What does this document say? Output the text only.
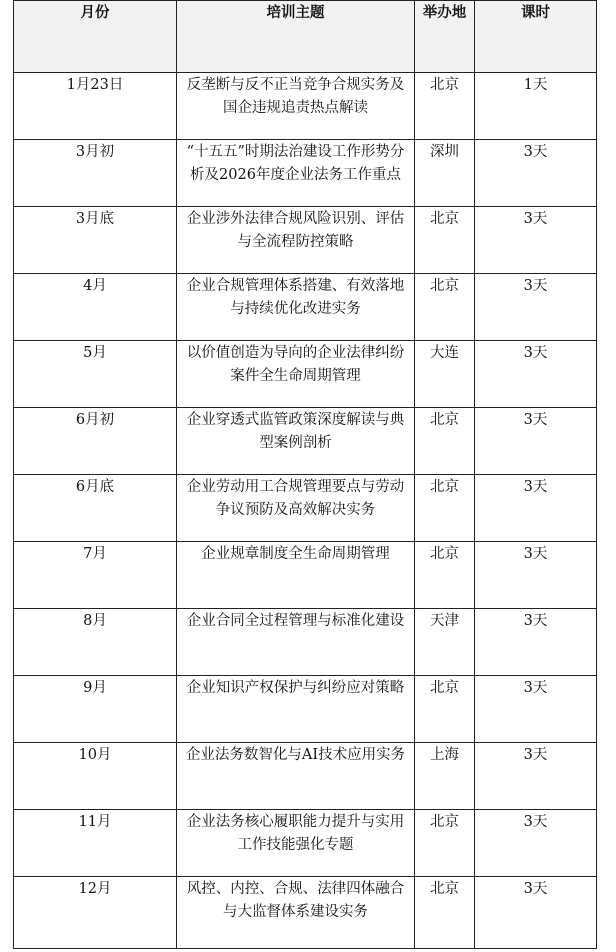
月份	培训主题	举办地	课时
1月23日	反垄断与反不正当竞争合规实务及国企违规追责热点解读	北京	1天
3月初	“十五五”时期法治建设工作形势分析及2026年度企业法务工作重点	深圳	3天
3月底	企业涉外法律合规风险识别、评估与全流程防控策略	北京	3天
4月	企业合规管理体系搭建、有效落地与持续优化改进实务	北京	3天
5月	以价值创造为导向的企业法律纠纷案件全生命周期管理	大连	3天
6月初	企业穿透式监管政策深度解读与典型案例剖析	北京	3天
6月底	企业劳动用工合规管理要点与劳动争议预防及高效解决实务	北京	3天
7月	企业规章制度全生命周期管理	北京	3天
8月	企业合同全过程管理与标准化建设	天津	3天
9月	企业知识产权保护与纠纷应对策略	北京	3天
10月	企业法务数智化与AI技术应用实务	上海	3天
11月	企业法务核心履职能力提升与实用工作技能强化专题	北京	3天
12月	风控、内控、合规、法律四体融合与大监督体系建设实务	北京	3天
